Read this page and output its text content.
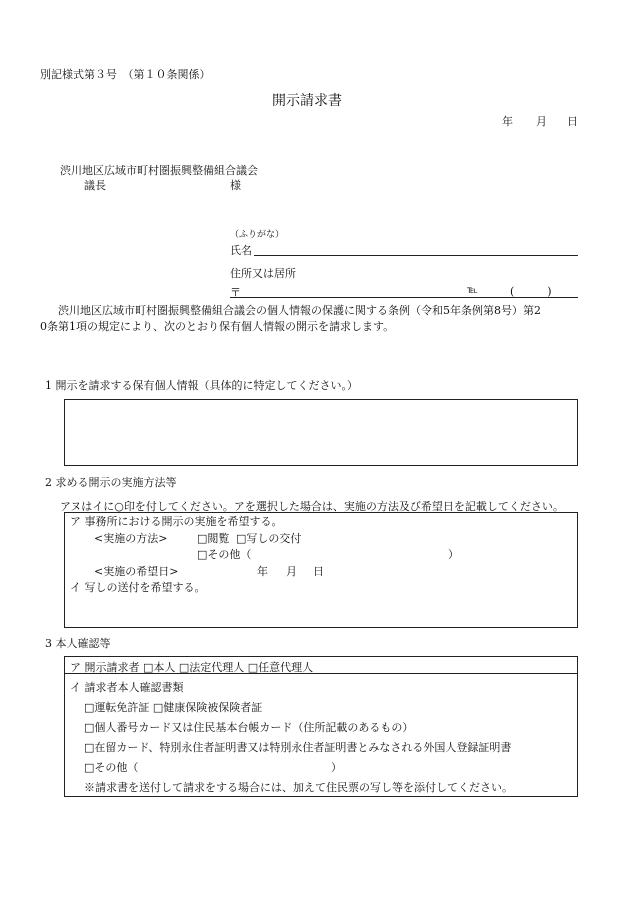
別記様式第３号　（第１０条関係）
開示請求書
年 月 日
渋川地区広域市町村圏振興整備組合議会
議長	様
（ふりがな）
氏名
住所又は居所
〒	℡	(　　　)
渋川地区広域市町村圏振興整備組合議会の個人情報の保護に関する条例（令和5年条例第8号）第2
0条第1項の規定により、次のとおり保有個人情報の開示を請求します。
1 開示を請求する保有個人情報（具体的に特定してください。）
2 求める開示の実施方法等
アヌはイに○印を付してください。アを選択した場合は、実施の方法及び希望日を記載してください。
ア 事務所における開示の実施を希望する。
<実施の方法>	□閲覧 □写しの交付
□その他（	）
<実施の希望日>	年 月 日
イ 写しの送付を希望する。
3 本人確認等
ア 開示請求者 □本人 □法定代理人 □任意代理人
イ 請求者本人確認書類
□運転免許証 □健康保険被保険者証
□個人番号カード又は住民基本台帳カード（住所記載のあるもの）
□在留カード、特別永住者証明書又は特別永住者証明書とみなされる外国人登録証明書
□その他（	）
※請求書を送付して請求をする場合には、加えて住民票の写し等を添付してください。
